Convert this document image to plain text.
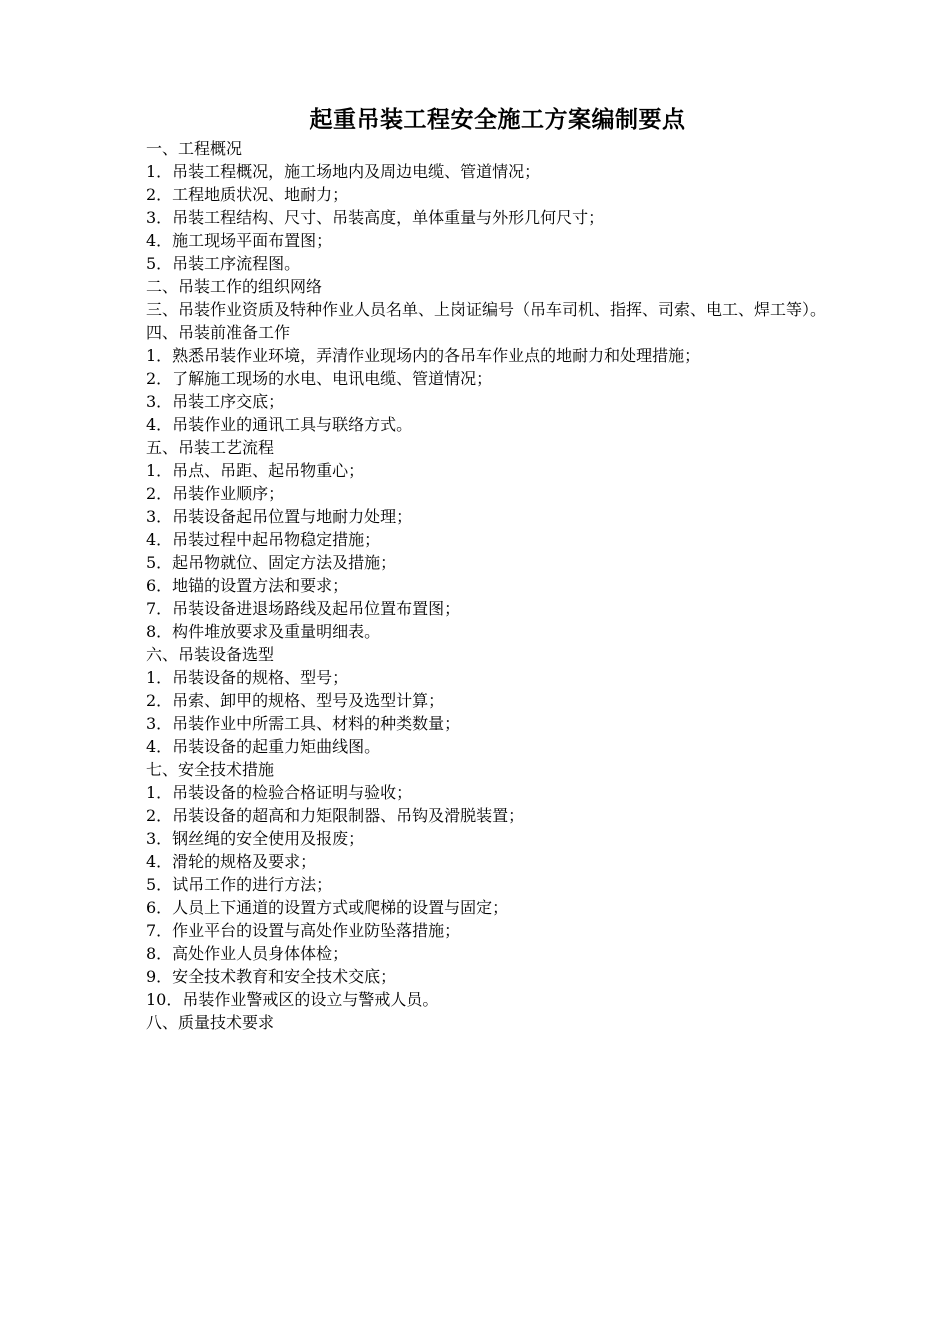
起重吊装工程安全施工方案编制要点
一、工程概况
1．吊装工程概况，施工场地内及周边电缆、管道情况；
2．工程地质状况、地耐力；
3．吊装工程结构、尺寸、吊装高度，单体重量与外形几何尺寸；
4．施工现场平面布置图；
5．吊装工序流程图。
二、吊装工作的组织网络
三、吊装作业资质及特种作业人员名单、上岗证编号（吊车司机、指挥、司索、电工、焊工等）。
四、吊装前准备工作
1．熟悉吊装作业环境，弄清作业现场内的各吊车作业点的地耐力和处理措施；
2．了解施工现场的水电、电讯电缆、管道情况；
3．吊装工序交底；
4．吊装作业的通讯工具与联络方式。
五、吊装工艺流程
1．吊点、吊距、起吊物重心；
2．吊装作业顺序；
3．吊装设备起吊位置与地耐力处理；
4．吊装过程中起吊物稳定措施；
5．起吊物就位、固定方法及措施；
6．地锚的设置方法和要求；
7．吊装设备进退场路线及起吊位置布置图；
8．构件堆放要求及重量明细表。
六、吊装设备选型
1．吊装设备的规格、型号；
2．吊索、卸甲的规格、型号及选型计算；
3．吊装作业中所需工具、材料的种类数量；
4．吊装设备的起重力矩曲线图。
七、安全技术措施
1．吊装设备的检验合格证明与验收；
2．吊装设备的超高和力矩限制器、吊钩及滑脱装置；
3．钢丝绳的安全使用及报废；
4．滑轮的规格及要求；
5．试吊工作的进行方法；
6．人员上下通道的设置方式或爬梯的设置与固定；
7．作业平台的设置与高处作业防坠落措施；
8．高处作业人员身体体检；
9．安全技术教育和安全技术交底；
10．吊装作业警戒区的设立与警戒人员。
八、质量技术要求
